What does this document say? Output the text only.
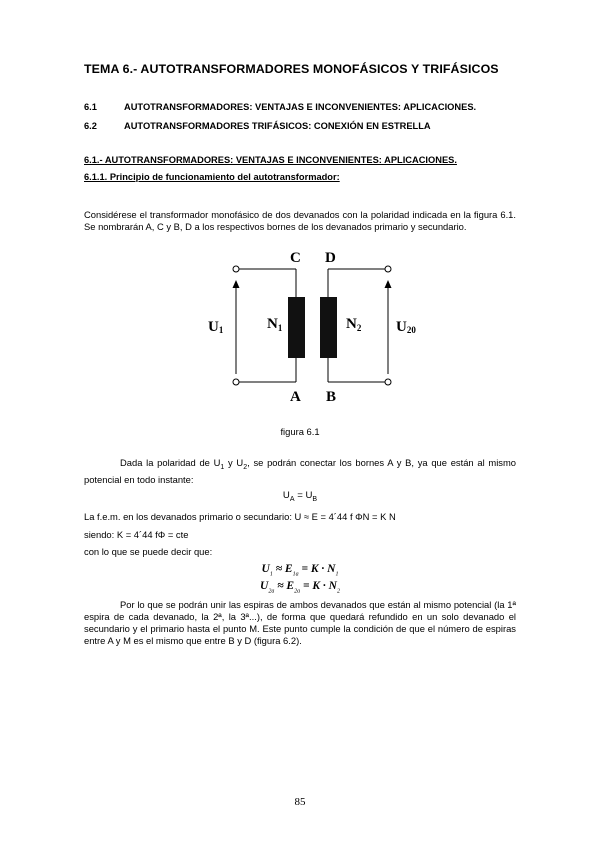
TEMA 6.- AUTOTRANSFORMADORES MONOFÁSICOS Y TRIFÁSICOS
6.1	AUTOTRANSFORMADORES: VENTAJAS E INCONVENIENTES: APLICACIONES.
6.2	AUTOTRANSFORMADORES TRIFÁSICOS: CONEXIÓN EN ESTRELLA
6.1.- AUTOTRANSFORMADORES: VENTAJAS E INCONVENIENTES: APLICACIONES.
6.1.1. Principio de funcionamiento del autotransformador:
Considérese el transformador monofásico de dos devanados con la polaridad indicada en la figura 6.1. Se nombrarán A, C y B, D a los respectivos bornes de los devanados primario y secundario.
C D
A B
$N_1$	$N_2$
U1	U20
figura 6.1
Dada la polaridad de $U_1$ y $U_2$, se podrán conectar los bornes A y B, ya que están al mismo potencial en todo instante:
$U_A = U_B$
La f.e.m. en los devanados primario o secundario: U ≈ E = 4´44 f ΦN = K N
siendo: K = 4´44 fΦ = cte
con lo que se puede decir que:
$U_1 \approx E_{1a} = K \cdot N_1$
$U_{2a} \approx E_{2a} = K \cdot N_2$
Por lo que se podrán unir las espiras de ambos devanados que están al mismo potencial (la 1ª espira de cada devanado, la 2ª, la 3ª...), de forma que quedará refundido en un solo devanado el secundario y el primario hasta el punto M. Este punto cumple la condición de que el número de espiras entre A y M es el mismo que entre B y D (figura 6.2).
85
